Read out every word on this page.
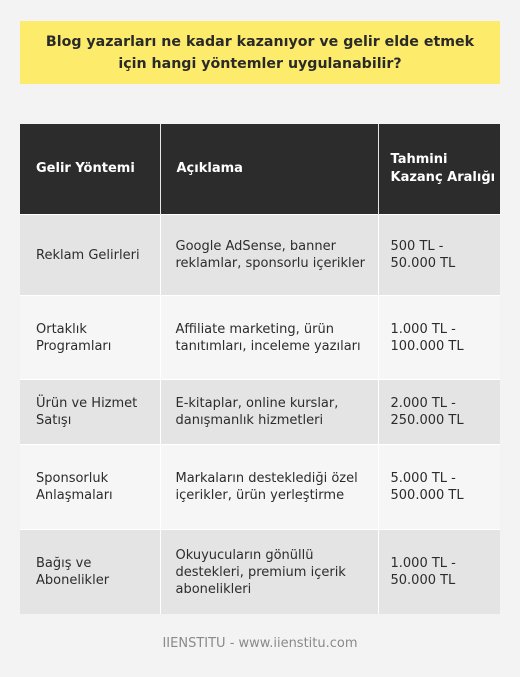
Blog yazarları ne kadar kazanıyor ve gelir elde etmek için hangi yöntemler uygulanabilir?
Gelir Yöntemi	Açıklama	Tahmini Kazanç Aralığı
Reklam Gelirleri	Google AdSense, banner reklamlar, sponsorlu içerikler	500 TL - 50.000 TL
Ortaklık Programları	Affiliate marketing, ürün tanıtımları, inceleme yazıları	1.000 TL - 100.000 TL
Ürün ve Hizmet Satışı	E-kitaplar, online kurslar, danışmanlık hizmetleri	2.000 TL - 250.000 TL
Sponsorluk Anlaşmaları	Markaların desteklediği özel içerikler, ürün yerleştirme	5.000 TL - 500.000 TL
Bağış ve Abonelikler	Okuyucuların gönüllü destekleri, premium içerik abonelikleri	1.000 TL - 50.000 TL
IIENSTITU - www.iienstitu.com
